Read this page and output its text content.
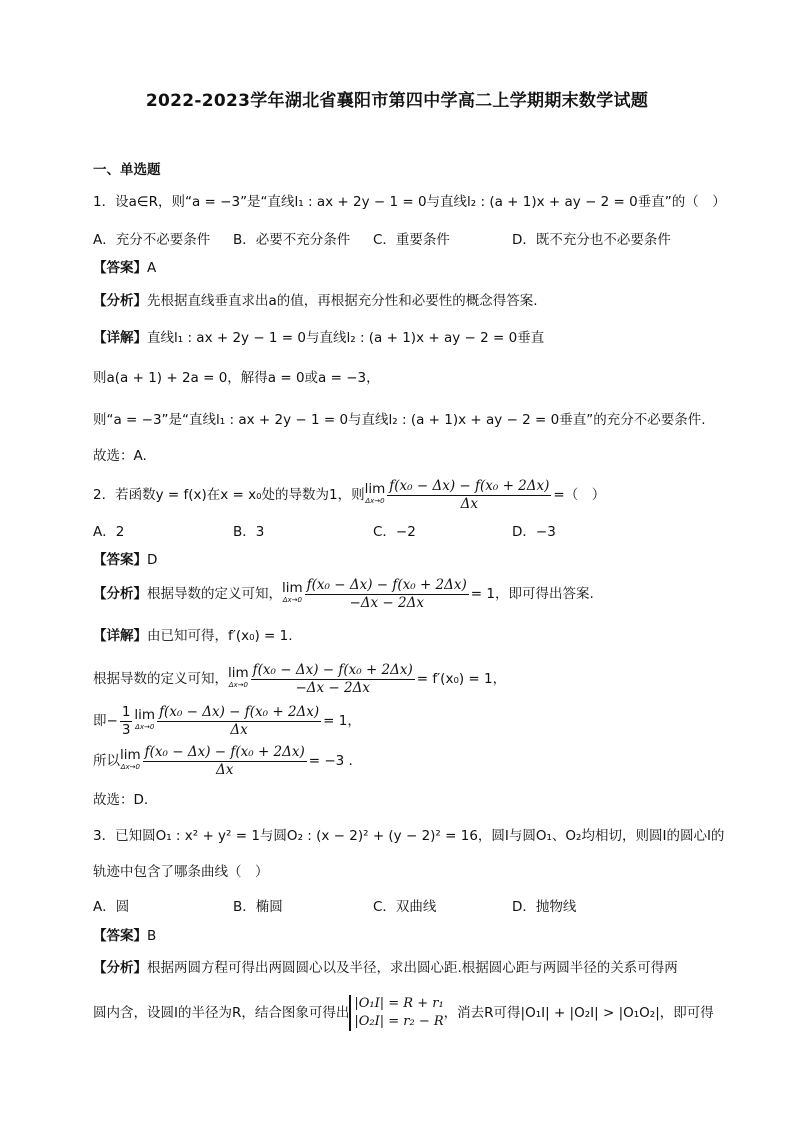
2022-2023学年湖北省襄阳市第四中学高二上学期期末数学试题
一、单选题
1．设a∈R，则“a = −3”是“直线l₁ : ax + 2y − 1 = 0与直线l₂ : (a + 1)x + ay − 2 = 0垂直”的（　）
A．充分不必要条件 B．必要不充分条件 C．重要条件	D．既不充分也不必要条件
【答案】A
【分析】先根据直线垂直求出a的值，再根据充分性和必要性的概念得答案.
【详解】直线l₁ : ax + 2y − 1 = 0与直线l₂ : (a + 1)x + ay − 2 = 0垂直
则a(a + 1) + 2a = 0，解得a = 0或a = −3，
则“a = −3”是“直线l₁ : ax + 2y − 1 = 0与直线l₂ : (a + 1)x + ay − 2 = 0垂直”的充分不必要条件.
故选：A.
2．若函数y = f(x)在x = x₀处的导数为1，则lim
$\Delta x\to 0 \frac{\text{f(x₀ − Δx) − f(x₀ + 2Δx)}}{\Delta x}$ =（　）
A．2	B．3	C．−2	D．−3
【答案】D
【分析】根据导数的定义可知，lim
$\Delta x\to 0 \frac{\text{f(x₀ − Δx) − f(x₀ + 2Δx)}}{-\Delta x - 2\Delta x} = 1$，即可得出答案.
【详解】由已知可得，f′(x₀) = 1.
根据导数的定义可知，lim
$\Delta x\to 0 \frac{\text{f(x₀ − Δx) − f(x₀ + 2Δx)}}{-\Delta x - 2\Delta x} = f'(x_0) = 1$，
即− $\frac{1}{3}$ lim
$\Delta x\to 0 \frac{\text{f(x₀ − Δx) − f(x₀ + 2Δx)}}{\Delta x} = 1$，
所以lim
$\Delta x\to 0 \frac{\text{f(x₀ − Δx) − f(x₀ + 2Δx)}}{\Delta x} = -3$ .
故选：D.
3．已知圆O₁ : x² + y² = 1与圆O₂ : (x − 2)² + (y − 2)² = 16，圆I与圆O₁、O₂均相切，则圆I的圆心I的
轨迹中包含了哪条曲线（　）
A．圆	B．椭圆	C．双曲线	D．抛物线
【答案】B
【分析】根据两圆方程可得出两圆圆心以及半径，求出圆心距.根据圆心距与两圆半径的关系可得两
圆内含，设圆I的半径为R，结合图象可得出
|O₁I| = R + r₁
|O₂I| = r₂ − R
，消去R可得|O₁I| + |O₂I| > |O₁O₂|，即可得
